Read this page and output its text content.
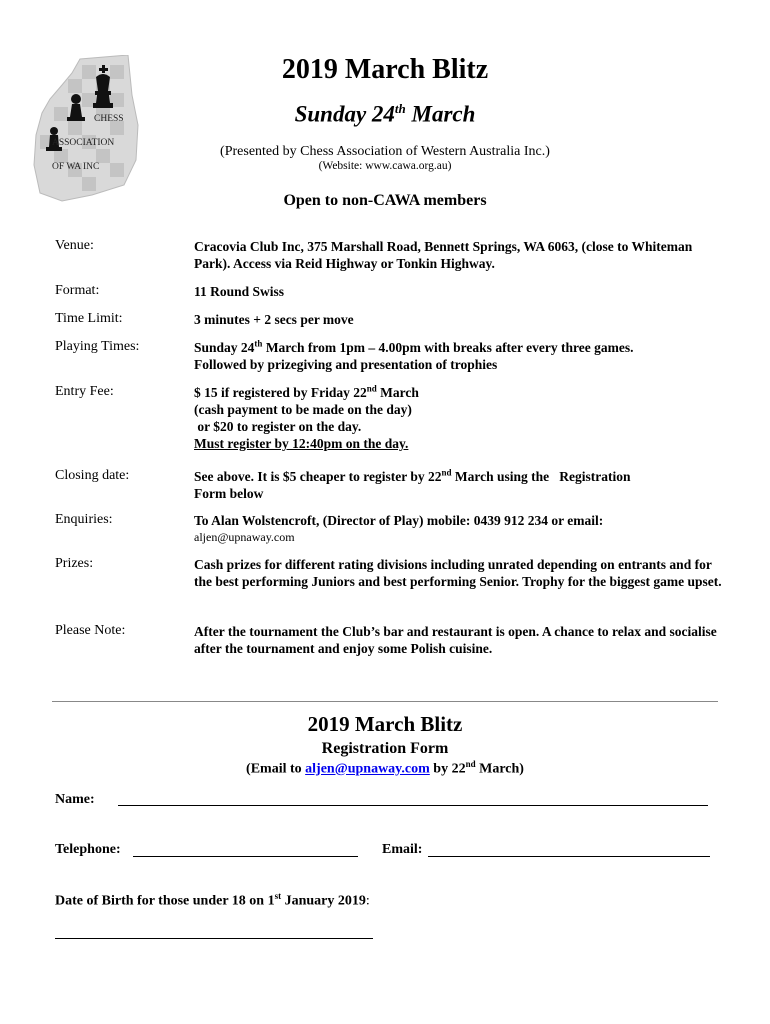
CHESS
ASSOCIATION
OF WA INC
2019 March Blitz
Sunday 24th March
(Presented by Chess Association of Western Australia Inc.)
(Website: www.cawa.org.au)
Open to non-CAWA members
Venue:	Cracovia Club Inc, 375 Marshall Road, Bennett Springs, WA 6063, (close to Whiteman Park). Access via Reid Highway or Tonkin Highway.
Format:	11 Round Swiss
Time Limit:	3 minutes + 2 secs per move
Playing Times:	Sunday 24th March from 1pm – 4.00pm with breaks after every three games.
Followed by prizegiving and presentation of trophies
Entry Fee:	$ 15 if registered by Friday 22nd March
(cash payment to be made on the day)
or $20 to register on the day.
Must register by 12:40pm on the day.
Closing date:	See above. It is $5 cheaper to register by 22nd March using the   Registration
Form below
Enquiries:	To Alan Wolstencroft, (Director of Play) mobile: 0439 912 234 or email:
aljen@upnaway.com
Prizes:	Cash prizes for different rating divisions including unrated depending on entrants and for the best performing Juniors and best performing Senior. Trophy for the biggest game upset.
Please Note:	After the tournament the Club’s bar and restaurant is open. A chance to relax and socialise after the tournament and enjoy some Polish cuisine.
2019 March Blitz
Registration Form
(Email to aljen@upnaway.com by 22nd March)
Name:
Telephone:	Email:
Date of Birth for those under 18 on 1st January 2019:
